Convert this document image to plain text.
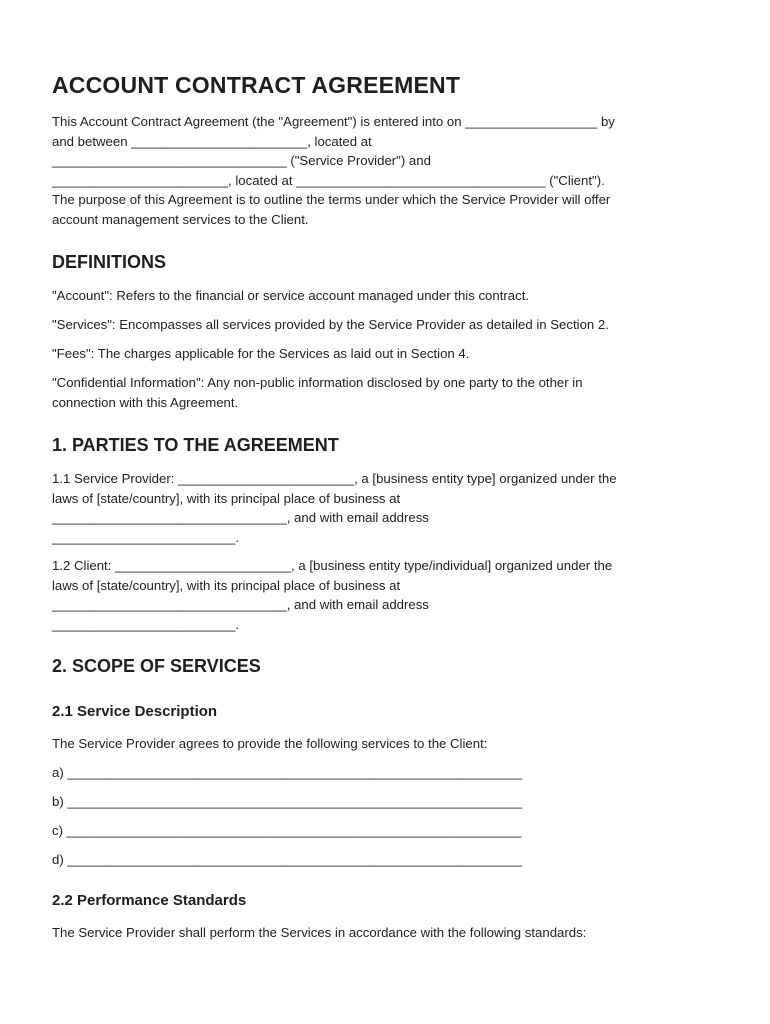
ACCOUNT CONTRACT AGREEMENT

This Account Contract Agreement (the "Agreement") is entered into on __________________ by

and between ________________________, located at

________________________________ ("Service Provider") and

________________________, located at __________________________________ ("Client").

The purpose of this Agreement is to outline the terms under which the Service Provider will offer

account management services to the Client.

DEFINITIONS

"Account": Refers to the financial or service account managed under this contract.

"Services": Encompasses all services provided by the Service Provider as detailed in Section 2.

"Fees": The charges applicable for the Services as laid out in Section 4.

"Confidential Information": Any non-public information disclosed by one party to the other in

connection with this Agreement.

1. PARTIES TO THE AGREEMENT

1.1 Service Provider: ________________________, a [business entity type] organized under the

laws of [state/country], with its principal place of business at

________________________________, and with email address

_________________________.

1.2 Client: ________________________, a [business entity type/individual] organized under the

laws of [state/country], with its principal place of business at

________________________________, and with email address

_________________________.

2. SCOPE OF SERVICES
2.1 Service Description

The Service Provider agrees to provide the following services to the Client:

a) ______________________________________________________________

b) ______________________________________________________________

c) ______________________________________________________________

d) ______________________________________________________________

2.2 Performance Standards

The Service Provider shall perform the Services in accordance with the following standards:
